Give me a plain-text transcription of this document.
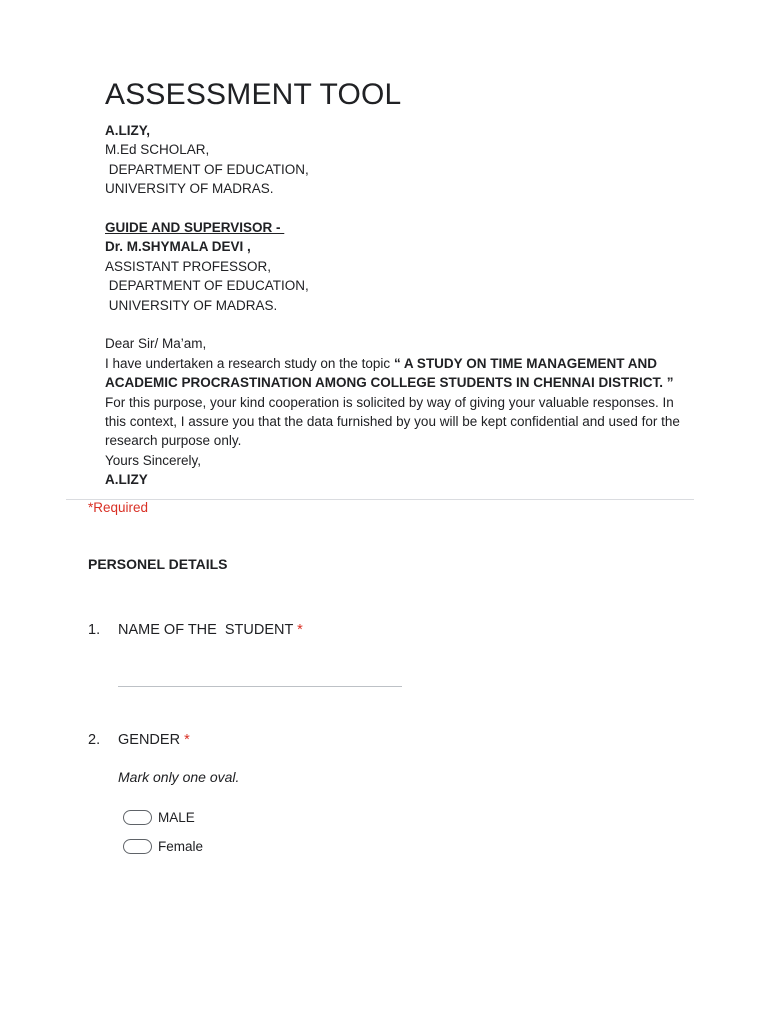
ASSESSMENT TOOL
A.LIZY,
M.Ed SCHOLAR,
DEPARTMENT OF EDUCATION,
UNIVERSITY OF MADRAS.
GUIDE AND SUPERVISOR -
Dr. M.SHYMALA DEVI ,
ASSISTANT PROFESSOR,
DEPARTMENT OF EDUCATION,
UNIVERSITY OF MADRAS.
Dear Sir/ Ma’am,
I have undertaken a research study on the topic “ A STUDY ON TIME MANAGEMENT AND ACADEMIC PROCRASTINATION AMONG COLLEGE STUDENTS IN CHENNAI DISTRICT. ” For this purpose, your kind cooperation is solicited by way of giving your valuable responses. In this context, I assure you that the data furnished by you will be kept confidential and used for the research purpose only.
Yours Sincerely,
A.LIZY
*Required
PERSONEL DETAILS
1. NAME OF THE  STUDENT *
2. GENDER *
Mark only one oval.
MALE
Female
